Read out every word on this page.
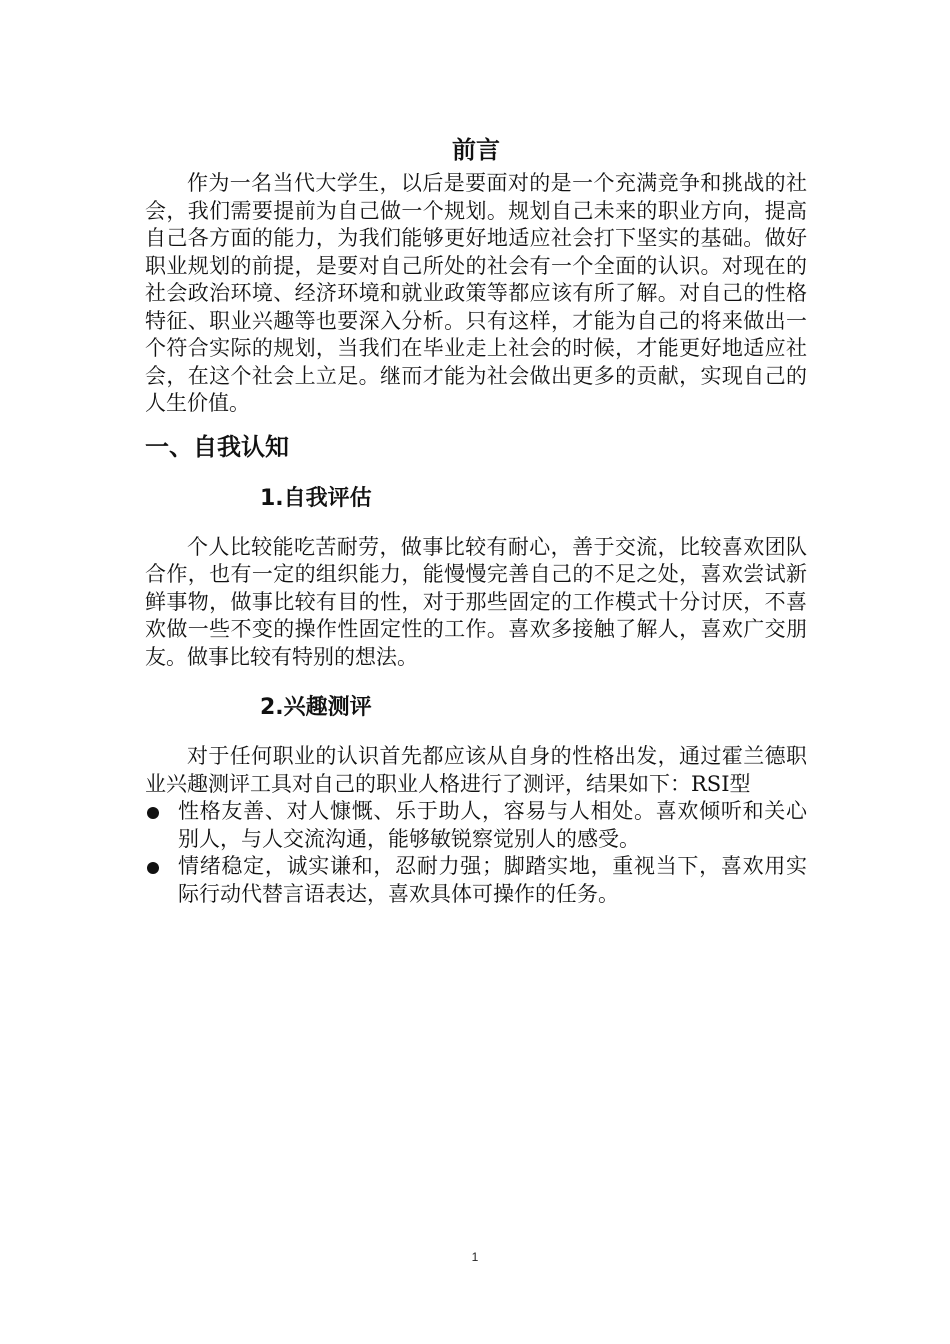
前言

作为一名当代大学生，以后是要面对的是一个充满竞争和挑战的社会，我们需要提前为自己做一个规划。规划自己未来的职业方向，提高自己各方面的能力，为我们能够更好地适应社会打下坚实的基础。做好职业规划的前提，是要对自己所处的社会有一个全面的认识。对现在的社会政治环境、经济环境和就业政策等都应该有所了解。对自己的性格特征、职业兴趣等也要深入分析。只有这样，才能为自己的将来做出一个符合实际的规划，当我们在毕业走上社会的时候，才能更好地适应社会，在这个社会上立足。继而才能为社会做出更多的贡献，实现自己的人生价值。

一、自我认知
1.自我评估

个人比较能吃苦耐劳，做事比较有耐心，善于交流，比较喜欢团队合作，也有一定的组织能力，能慢慢完善自己的不足之处，喜欢尝试新鲜事物，做事比较有目的性，对于那些固定的工作模式十分讨厌，不喜欢做一些不变的操作性固定性的工作。喜欢多接触了解人，喜欢广交朋友。做事比较有特别的想法。

2.兴趣测评

对于任何职业的认识首先都应该从自身的性格出发，通过霍兰德职业兴趣测评工具对自己的职业人格进行了测评，结果如下：RSI型

性格友善、对人慷慨、乐于助人，容易与人相处。喜欢倾听和关心别人，与人交流沟通，能够敏锐察觉别人的感受。
情绪稳定，诚实谦和，忍耐力强；脚踏实地，重视当下，喜欢用实际行动代替言语表达，喜欢具体可操作的任务。
1
